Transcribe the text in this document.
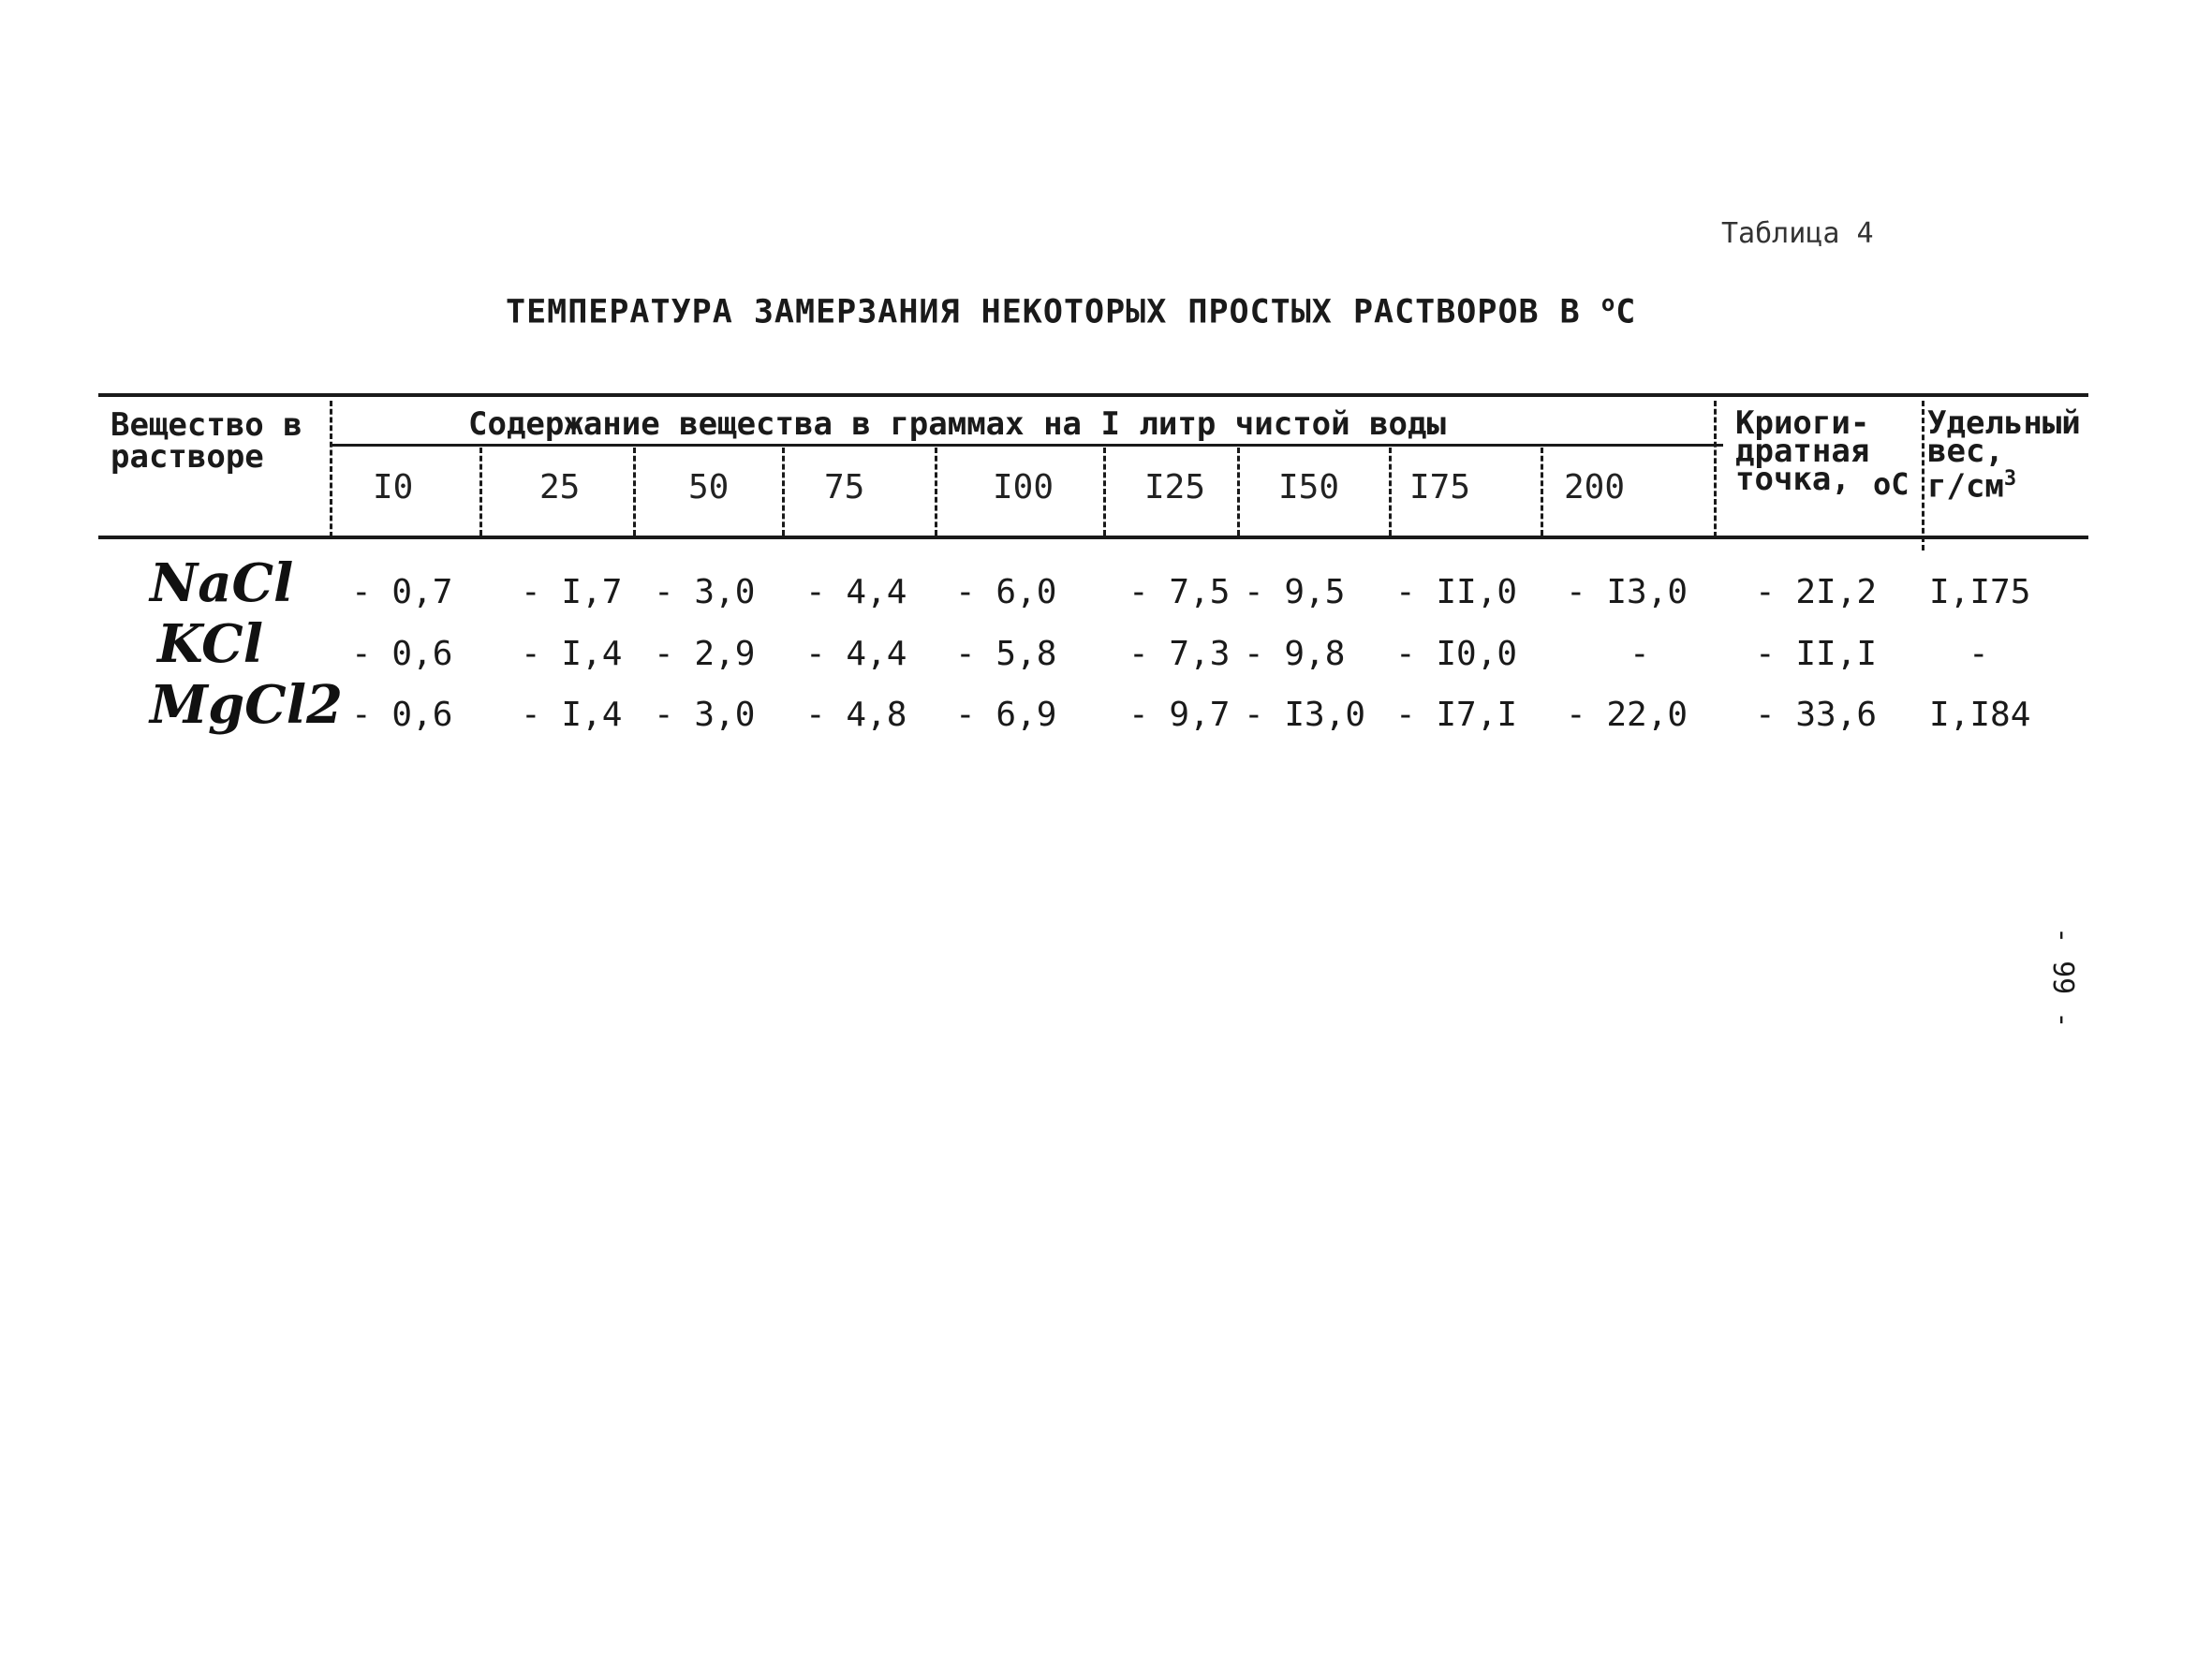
Таблица 4
ТЕМПЕРАТУРА ЗАМЕРЗАНИЯ НЕКОТОРЫХ ПРОСТЫХ РАСТВОРОВ В $^о$С
Вещество в
растворе
Содержание вещества в граммах на I литр чистой воды
I0	25	50	75	I00	I25 I50 I75	200
Криоги-
дратная
точка, оС
Удельный
вес,
$г/см^3$
NaCl - 0,7 - I,7 - 3,0 - 4,4 - 6,0 - 7,5 - 9,5 - II,0 - I3,0 - 2I,2 I,I75
KCl	- 0,6 - I,4 - 2,9 - 4,4 - 5,8 - 7,3 - 9,8 - I0,0	-	- II,I	-
MgCl2 - 0,6 - I,4 - 3,0 - 4,8 - 6,9 - 9,7 - I3,0 - I7,I - 22,0 - 33,6 I,I84
- 99 -
